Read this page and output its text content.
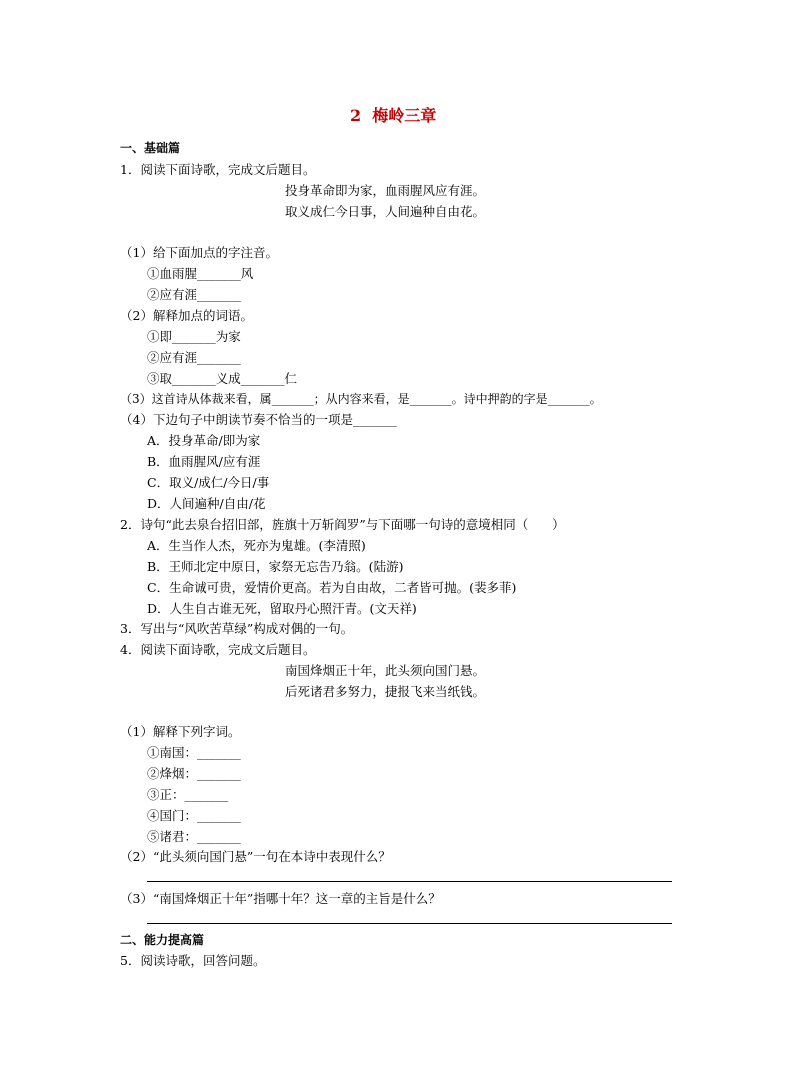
2  梅岭三章
一、基础篇
1．阅读下面诗歌，完成文后题目。
投身革命即为家，血雨腥风应有涯。
取义成仁今日事，人间遍种自由花。
（1）给下面加点的字注音。
①血雨腥_______风
②应有涯_______
（2）解释加点的词语。
①即_______为家
②应有涯_______
③取_______义成_______仁
（3）这首诗从体裁来看，属_______；从内容来看，是_______。诗中押韵的字是_______。
（4）下边句子中朗读节奏不恰当的一项是_______
A．投身革命/即为家
B．血雨腥风/应有涯
C．取义/成仁/今日/事
D．人间遍种/自由/花
2．诗句“此去泉台招旧部，旌旗十万斩阎罗”与下面哪一句诗的意境相同（      ）
A．生当作人杰，死亦为鬼雄。(李清照)
B．王师北定中原日，家祭无忘告乃翁。(陆游)
C．生命诚可贵，爱情价更高。若为自由故，二者皆可抛。(裴多菲)
D．人生自古谁无死，留取丹心照汗青。(文天祥)
3．写出与“风吹苦草绿”构成对偶的一句。
4．阅读下面诗歌，完成文后题目。
南国烽烟正十年，此头须向国门悬。
后死诸君多努力，捷报飞来当纸钱。
（1）解释下列字词。
①南国：_______
②烽烟：_______
③正：_______
④国门：_______
⑤诸君：_______
（2）“此头须向国门悬”一句在本诗中表现什么？
（3）“南国烽烟正十年”指哪十年？这一章的主旨是什么？
二、能力提高篇
5．阅读诗歌，回答问题。
